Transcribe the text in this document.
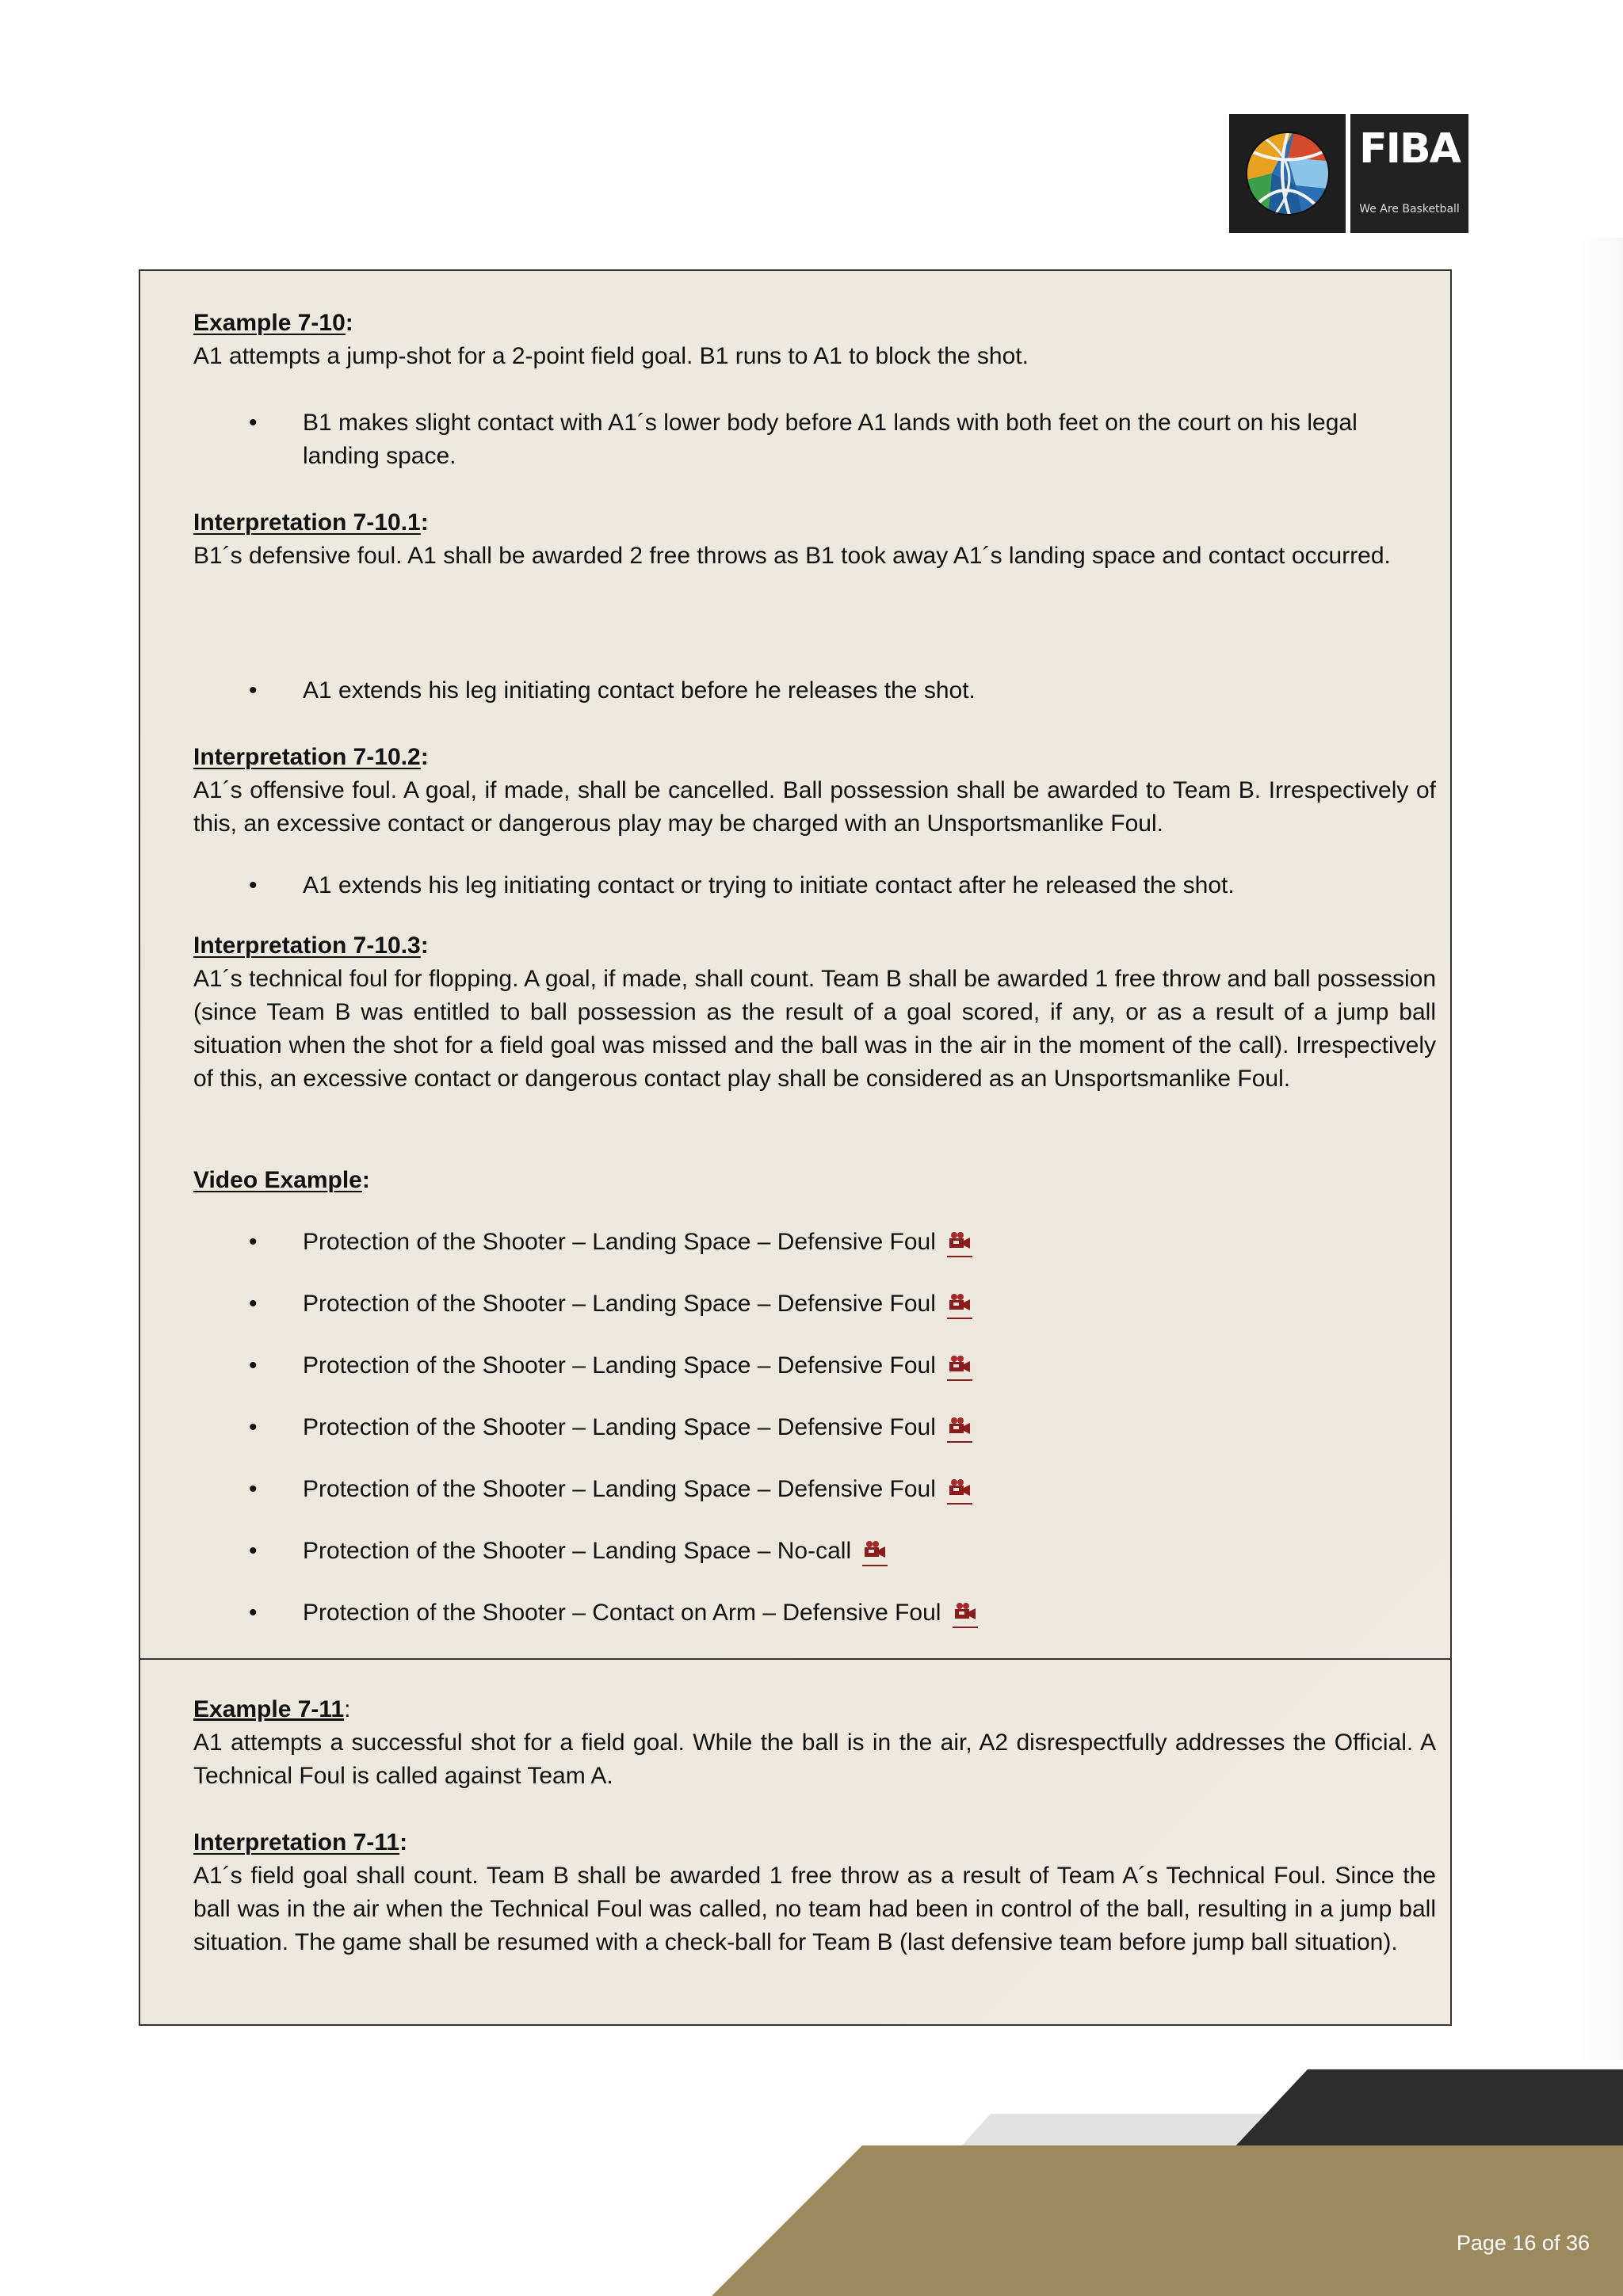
FIBA
We Are Basketball
Example 7-10:
A1 attempts a jump-shot for a 2-point field goal. B1 runs to A1 to block the shot.
• B1 makes slight contact with A1´s lower body before A1 lands with both feet on the court on his legal landing space.
Interpretation 7-10.1:
B1´s defensive foul. A1 shall be awarded 2 free throws as B1 took away A1´s landing space and contact occurred.
• A1 extends his leg initiating contact before he releases the shot.
Interpretation 7-10.2:
A1´s offensive foul. A goal, if made, shall be cancelled. Ball possession shall be awarded to Team B. Irrespectively of this, an excessive contact or dangerous play may be charged with an Unsportsmanlike Foul.
• A1 extends his leg initiating contact or trying to initiate contact after he released the shot.
Interpretation 7-10.3:
A1´s technical foul for flopping. A goal, if made, shall count. Team B shall be awarded 1 free throw and ball possession (since Team B was entitled to ball possession as the result of a goal scored, if any, or as a result of a jump ball situation when the shot for a field goal was missed and the ball was in the air in the moment of the call). Irrespectively of this, an excessive contact or dangerous contact play shall be considered as an Unsportsmanlike Foul.
Video Example:
• Protection of the Shooter – Landing Space – Defensive Foul
• Protection of the Shooter – Landing Space – Defensive Foul
• Protection of the Shooter – Landing Space – Defensive Foul
• Protection of the Shooter – Landing Space – Defensive Foul
• Protection of the Shooter – Landing Space – Defensive Foul
• Protection of the Shooter – Landing Space – No-call
• Protection of the Shooter – Contact on Arm – Defensive Foul
Example 7-11:
A1 attempts a successful shot for a field goal. While the ball is in the air, A2 disrespectfully addresses the Official. A Technical Foul is called against Team A.
Interpretation 7-11:
A1´s field goal shall count. Team B shall be awarded 1 free throw as a result of Team A´s Technical Foul. Since the ball was in the air when the Technical Foul was called, no team had been in control of the ball, resulting in a jump ball situation. The game shall be resumed with a check-ball for Team B (last defensive team before jump ball situation).
Page 16 of 36
